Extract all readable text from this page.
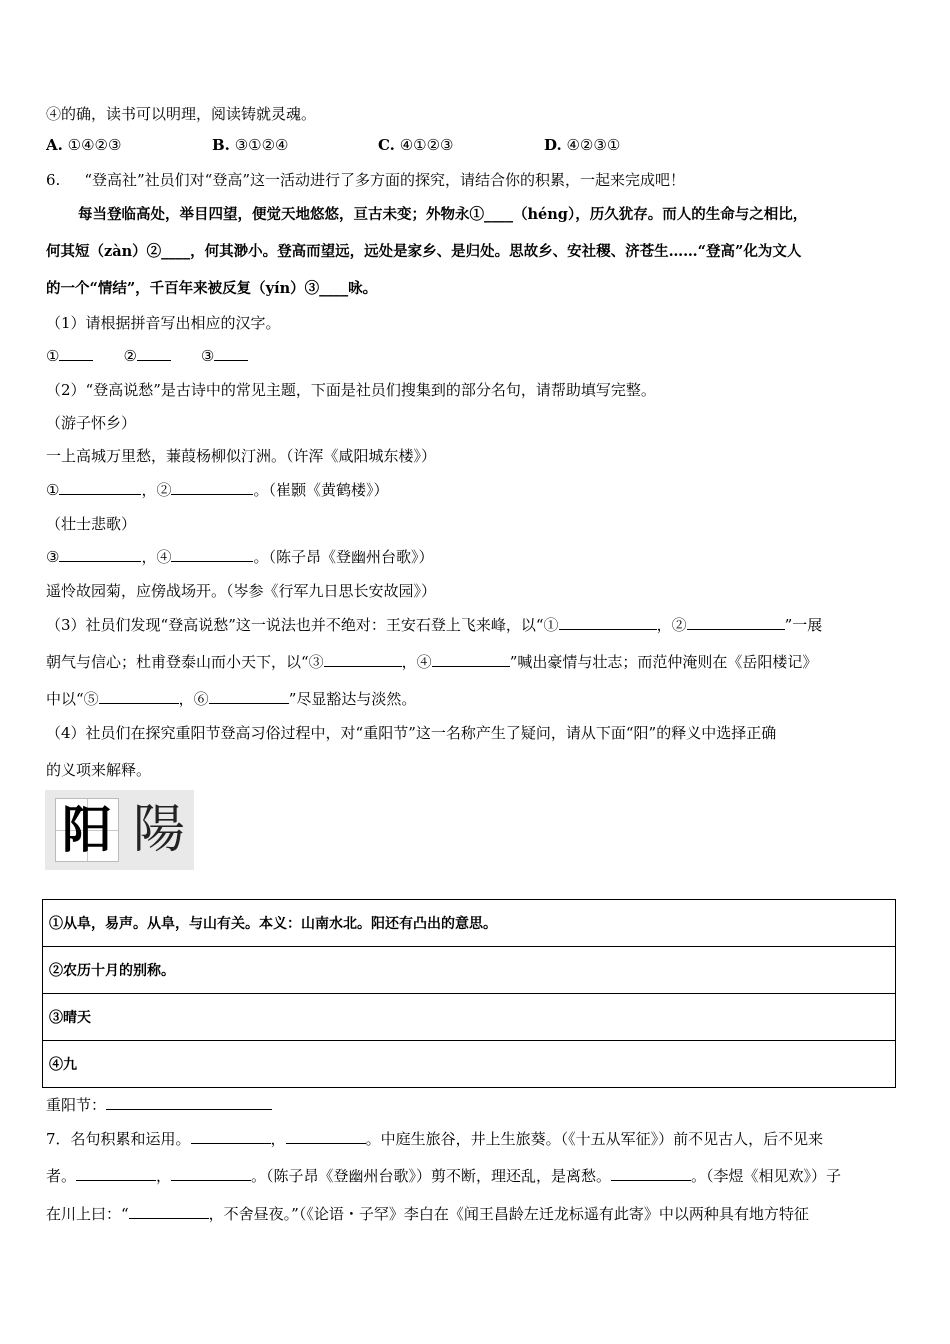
④的确，读书可以明理，阅读铸就灵魂。
A. ①④②③	B. ③①②④	C. ④①②③	D. ④②③①
6. “登高社”社员们对“登高”这一活动进行了多方面的探究，请结合你的积累，一起来完成吧！
每当登临高处，举目四望，便觉天地悠悠，亘古未变；外物永①____（héng），历久犹存。而人的生命与之相比，
何其短（zàn）②____，何其渺小。登高而望远，远处是家乡、是归处。思故乡、安社稷、济苍生……“登高”化为文人
的一个“情结”，千百年来被反复（yín）③____咏。
（1）请根据拼音写出相应的汉字。
①	②	③
（2）“登高说愁”是古诗中的常见主题，下面是社员们搜集到的部分名句，请帮助填写完整。
（游子怀乡）
一上高城万里愁，蒹葭杨柳似汀洲。（许浑《咸阳城东楼》）
①	，②	。（崔颢《黄鹤楼》）
（壮士悲歌）
③	，④	。（陈子昂《登幽州台歌》）
遥怜故园菊，应傍战场开。（岑参《行军九日思长安故园》）
（3）社员们发现“登高说愁”这一说法也并不绝对：王安石登上飞来峰，以“①	，②	”一展
朝气与信心；杜甫登泰山而小天下，以“③	，④	”喊出豪情与壮志；而范仲淹则在《岳阳楼记》
中以“⑤	，⑥	”尽显豁达与淡然。
（4）社员们在探究重阳节登高习俗过程中，对“重阳节”这一名称产生了疑问，请从下面“阳”的释义中选择正确
的义项来解释。
阳 陽
①从阜，易声。从阜，与山有关。本义：山南水北。阳还有凸出的意思。
②农历十月的别称。
③晴天
④九
重阳节：
7．名句积累和运用。	，	。中庭生旅谷，井上生旅葵。（《十五从军征》）前不见古人，后不见来
者。	，	。（陈子昂《登幽州台歌》）剪不断，理还乱，是离愁。	。（李煜《相见欢》）子
在川上曰：“	，不舍昼夜。”（《论语・子罕》李白在《闻王昌龄左迁龙标遥有此寄》中以两种具有地方特征
